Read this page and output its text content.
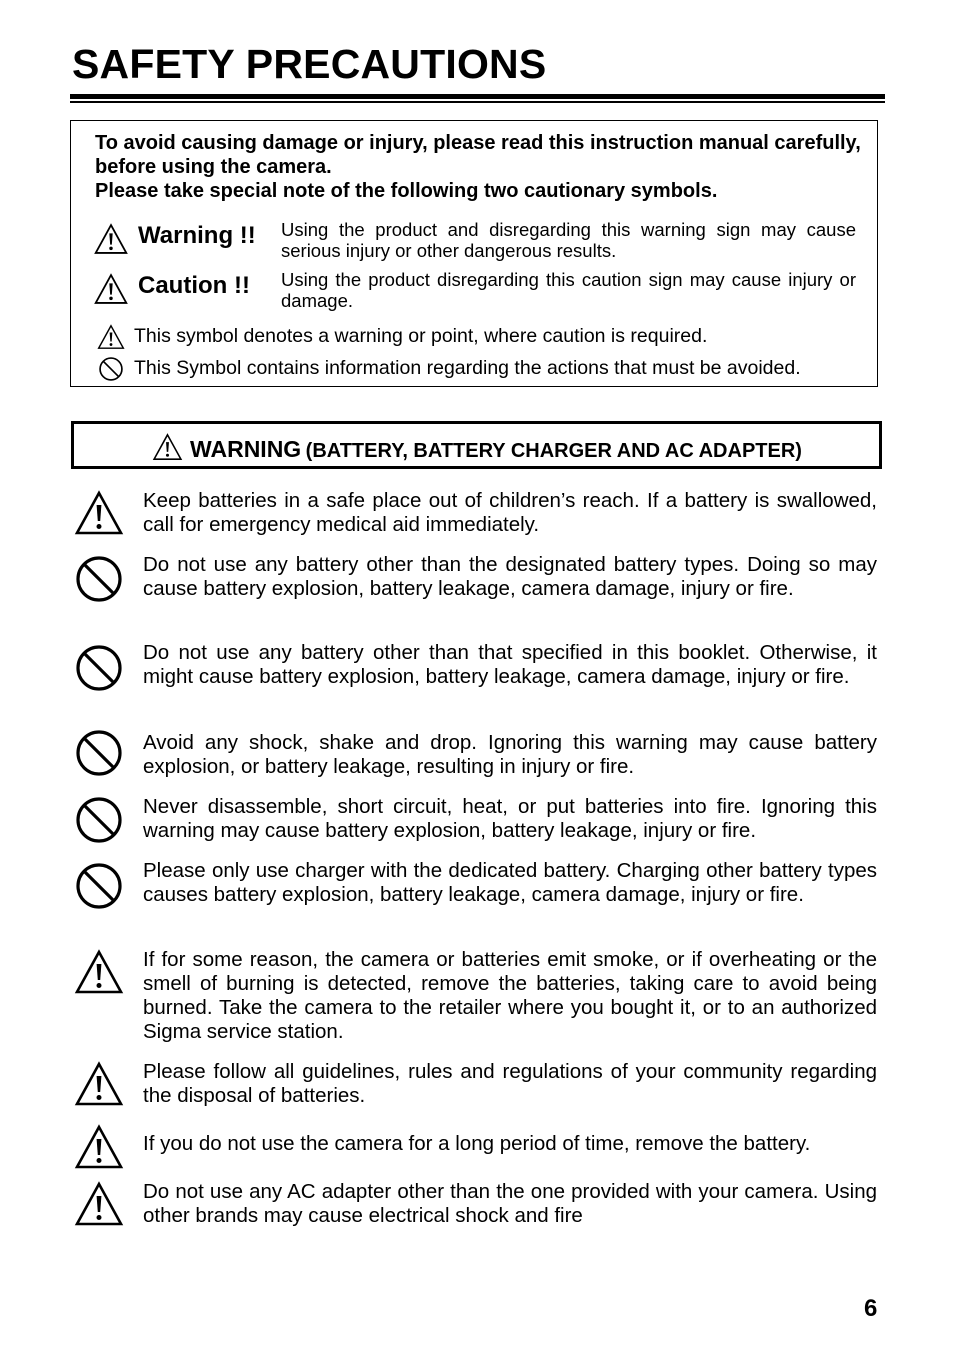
SAFETY PRECAUTIONS
To avoid causing damage or injury, please read this instruction manual carefully, before using the camera.
Please take special note of the following two cautionary symbols.
Warning !! Using the product and disregarding this warning sign may cause serious injury or other dangerous results.
Caution !! Using the product disregarding this caution sign may cause injury or damage.
This symbol denotes a warning or point, where caution is required.
This Symbol contains information regarding the actions that must be avoided.
WARNING (BATTERY, BATTERY CHARGER AND AC ADAPTER)
Keep batteries in a safe place out of children’s reach. If a battery is swallowed, call for emergency medical aid immediately.
Do not use any battery other than the designated battery types. Doing so may cause battery explosion, battery leakage, camera damage, injury or fire.
Do not use any battery other than that specified in this booklet. Otherwise, it might cause battery explosion, battery leakage, camera damage, injury or fire.
Avoid any shock, shake and drop. Ignoring this warning may cause battery explosion, or battery leakage, resulting in injury or fire.
Never disassemble, short circuit, heat, or put batteries into fire. Ignoring this warning may cause battery explosion, battery leakage, injury or fire.
Please only use charger with the dedicated battery. Charging other battery types causes battery explosion, battery leakage, camera damage, injury or fire.
If for some reason, the camera or batteries emit smoke, or if overheating or the smell of burning is detected, remove the batteries, taking care to avoid being burned. Take the camera to the retailer where you bought it, or to an authorized Sigma service station.
Please follow all guidelines, rules and regulations of your community regarding the disposal of batteries.
If you do not use the camera for a long period of time, remove the battery.
Do not use any AC adapter other than the one provided with your camera. Using other brands may cause electrical shock and fire
6
